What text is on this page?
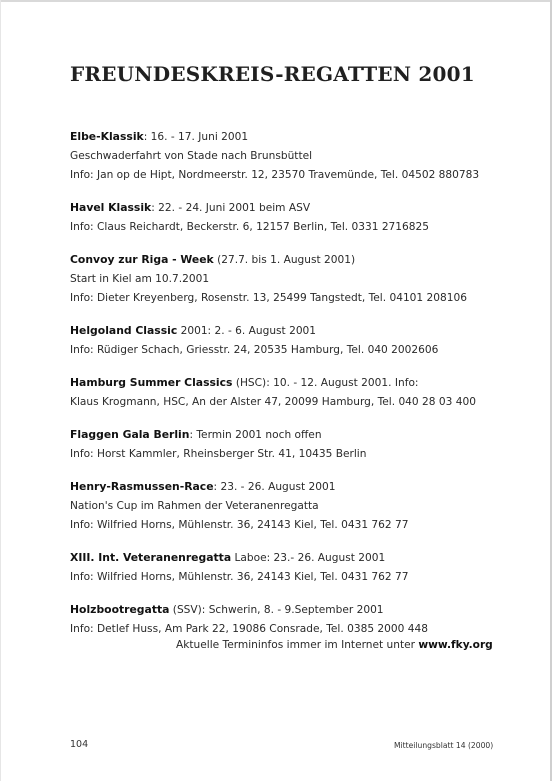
FREUNDESKREIS-REGATTEN 2001
Elbe-Klassik: 16. - 17. Juni 2001
Geschwaderfahrt von Stade nach Brunsbüttel
Info: Jan op de Hipt, Nordmeerstr. 12, 23570 Travemünde, Tel. 04502 880783
Havel Klassik: 22. - 24. Juni 2001 beim ASV
Info: Claus Reichardt, Beckerstr. 6, 12157 Berlin, Tel. 0331 2716825
Convoy zur Riga - Week (27.7. bis 1. August 2001)
Start in Kiel am 10.7.2001
Info: Dieter Kreyenberg, Rosenstr. 13, 25499 Tangstedt, Tel. 04101 208106
Helgoland Classic 2001: 2. - 6. August 2001
Info: Rüdiger Schach, Griesstr. 24, 20535 Hamburg, Tel. 040 2002606
Hamburg Summer Classics (HSC): 10. - 12. August 2001. Info:
Klaus Krogmann, HSC, An der Alster 47, 20099 Hamburg, Tel. 040 28 03 400
Flaggen Gala Berlin: Termin 2001 noch offen
Info: Horst Kammler, Rheinsberger Str. 41, 10435 Berlin
Henry-Rasmussen-Race: 23. - 26. August 2001
Nation's Cup im Rahmen der Veteranenregatta
Info: Wilfried Horns, Mühlenstr. 36, 24143 Kiel, Tel. 0431 762 77
XIII. Int. Veteranenregatta Laboe: 23.- 26. August 2001
Info: Wilfried Horns, Mühlenstr. 36, 24143 Kiel, Tel. 0431 762 77
Holzbootregatta (SSV): Schwerin, 8. - 9.September 2001
Info: Detlef Huss, Am Park 22, 19086 Consrade, Tel. 0385 2000 448
Aktuelle Termininfos immer im Internet unter www.fky.org
104	Mitteilungsblatt 14 (2000)
